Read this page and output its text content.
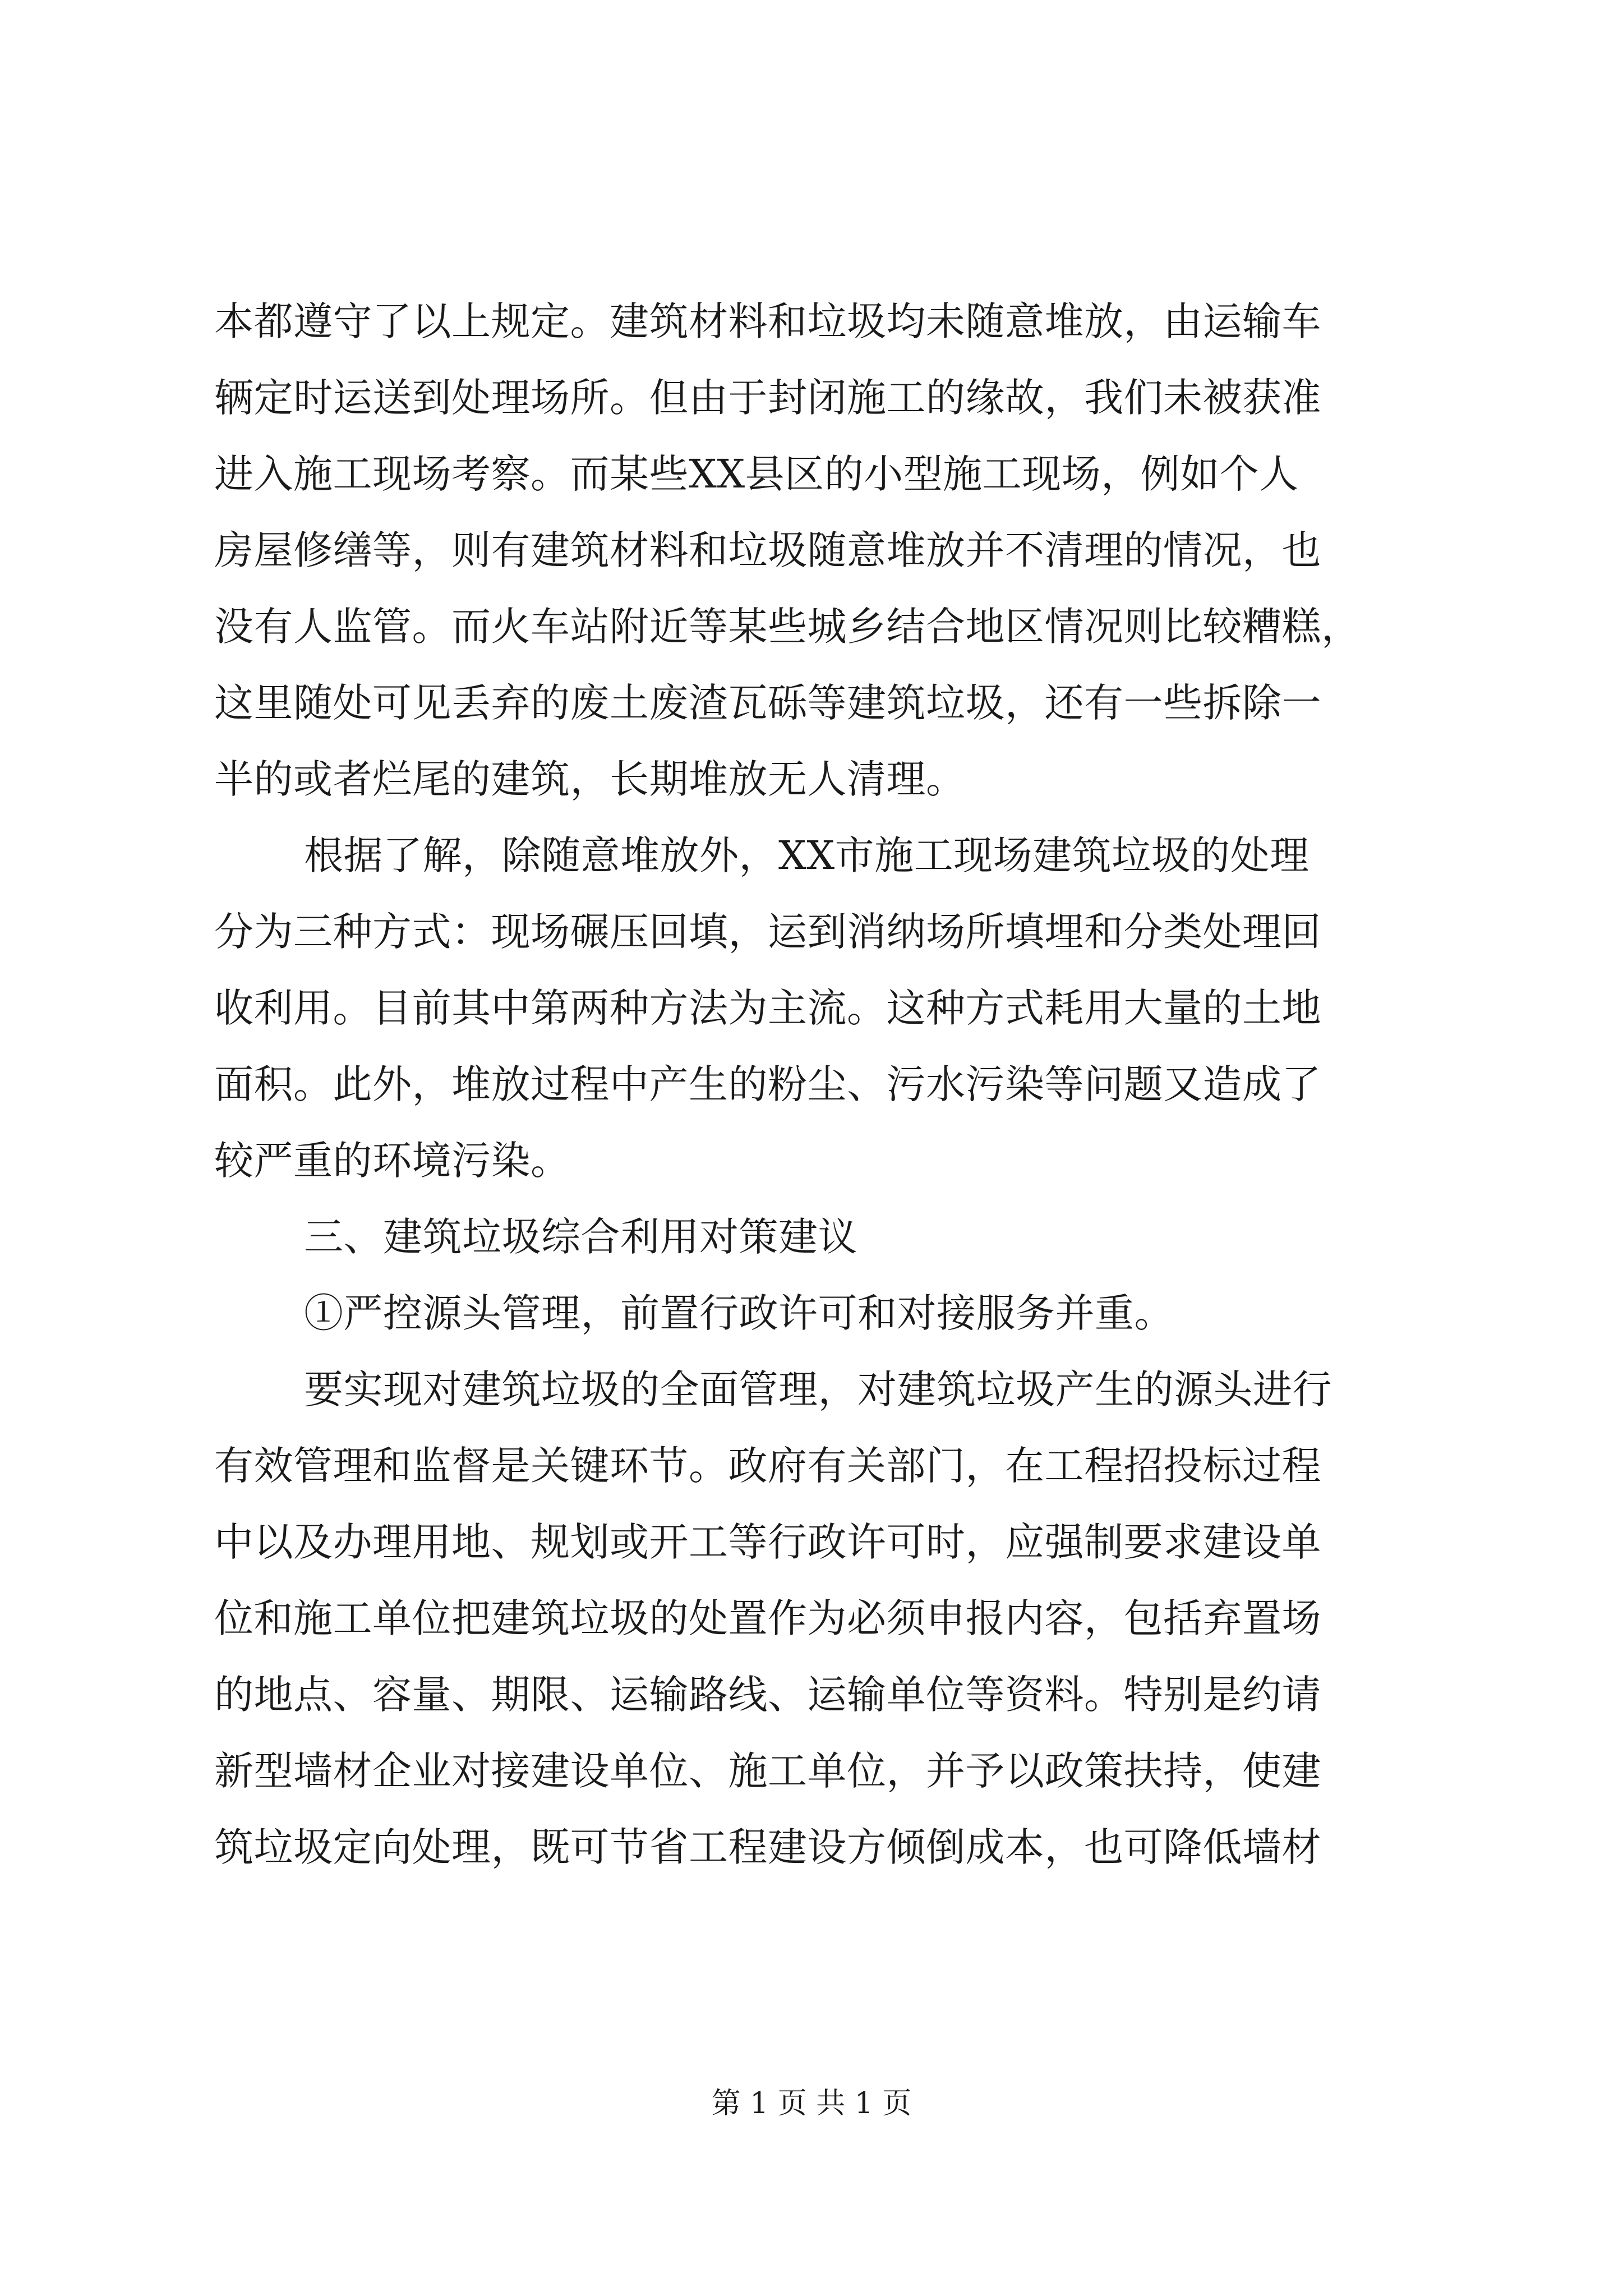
本都遵守了以上规定。建筑材料和垃圾均未随意堆放，由运输车
辆定时运送到处理场所。但由于封闭施工的缘故，我们未被获准
进入施工现场考察。而某些XX县区的小型施工现场，例如个人
房屋修缮等，则有建筑材料和垃圾随意堆放并不清理的情况，也
没有人监管。而火车站附近等某些城乡结合地区情况则比较糟糕，
这里随处可见丢弃的废土废渣瓦砾等建筑垃圾，还有一些拆除一
半的或者烂尾的建筑，长期堆放无人清理。
根据了解，除随意堆放外，XX市施工现场建筑垃圾的处理
分为三种方式：现场碾压回填，运到消纳场所填埋和分类处理回
收利用。目前其中第两种方法为主流。这种方式耗用大量的土地
面积。此外，堆放过程中产生的粉尘、污水污染等问题又造成了
较严重的环境污染。
三、建筑垃圾综合利用对策建议
①严控源头管理，前置行政许可和对接服务并重。
要实现对建筑垃圾的全面管理，对建筑垃圾产生的源头进行
有效管理和监督是关键环节。政府有关部门，在工程招投标过程
中以及办理用地、规划或开工等行政许可时，应强制要求建设单
位和施工单位把建筑垃圾的处置作为必须申报内容，包括弃置场
的地点、容量、期限、运输路线、运输单位等资料。特别是约请
新型墙材企业对接建设单位、施工单位，并予以政策扶持，使建
筑垃圾定向处理，既可节省工程建设方倾倒成本，也可降低墙材
第 1 页 共 1 页
